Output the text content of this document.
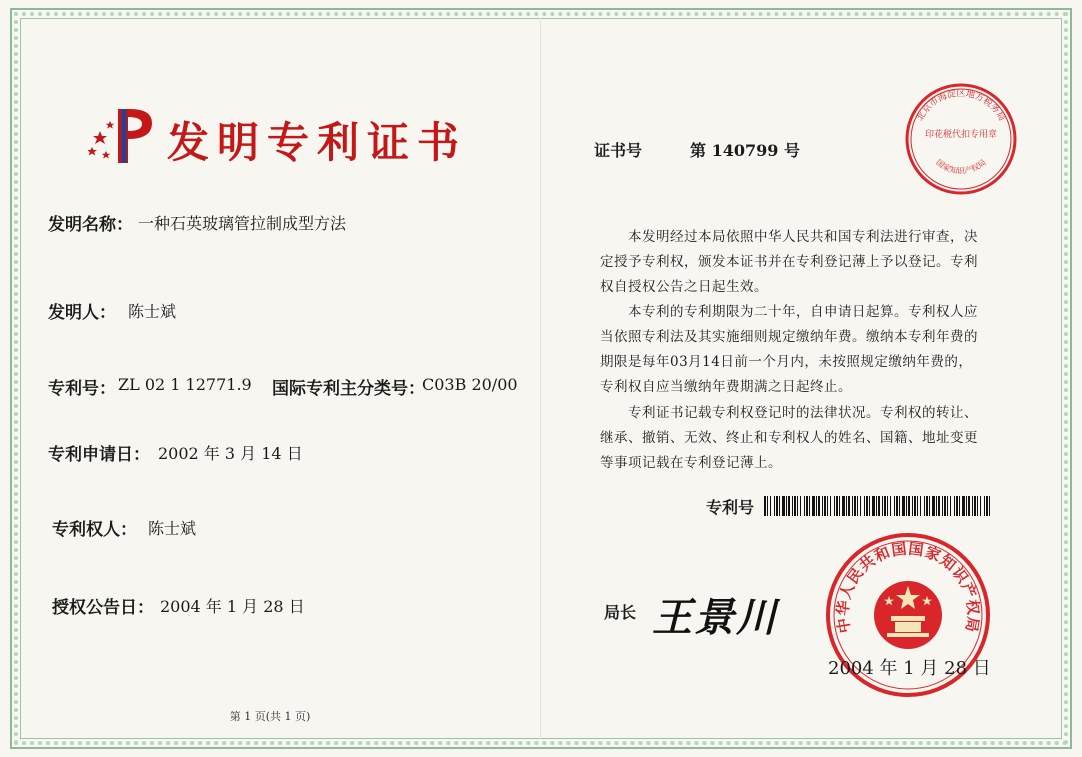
发明专利证书
发明名称： 一种石英玻璃管拉制成型方法
发明人： 陈士斌
专利号： ZL 02 1 12771.9 国际专利主分类号：
C03B 20/00
专利申请日： 2002 年 3 月 14 日
专利权人： 陈士斌
授权公告日： 2004 年 1 月 28 日
第 1 页(共 1 页)
证书号	第 140799 号
北京市海淀区地方税务局
印花税代扣专用章
国家知识产权局
本发明经过本局依照中华人民共和国专利法进行审查，决定授予专利权，颁发本证书并在专利登记薄上予以登记。专利权自授权公告之日起生效。
本专利的专利期限为二十年，自申请日起算。专利权人应当依照专利法及其实施细则规定缴纳年费。缴纳本专利年费的期限是每年03月14日前一个月内，未按照规定缴纳年费的，专利权自应当缴纳年费期满之日起终止。
专利证书记载专利权登记时的法律状况。专利权的转让、继承、撤销、无效、终止和专利权人的姓名、国籍、地址变更等事项记载在专利登记薄上。
专利号
局长 王景川	中华人民共和国国家知识产权局
2004 年 1 月 28 日
